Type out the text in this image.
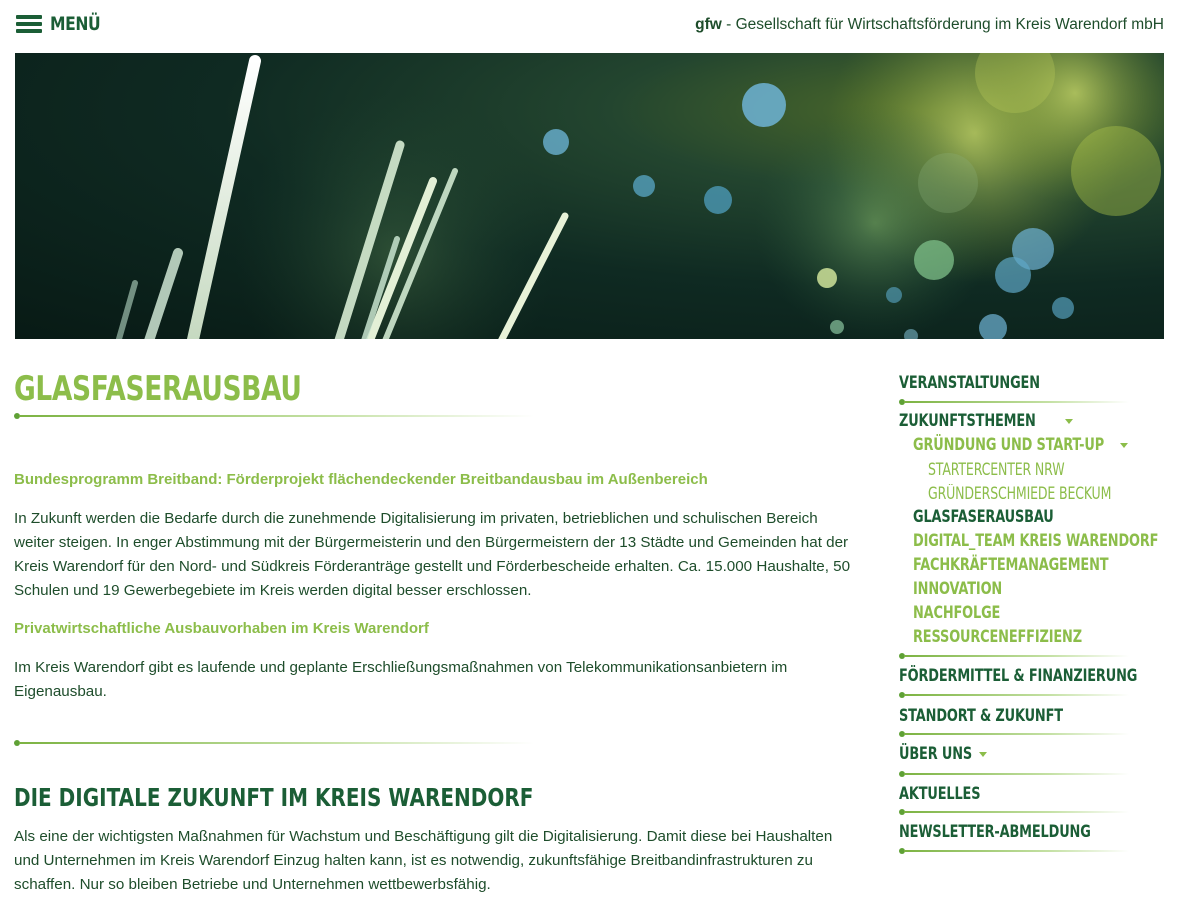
MENÜ	gfw - Gesellschaft für Wirtschaftsförderung im Kreis Warendorf mbH
GLASFASERAUSBAU
Bundesprogramm Breitband: Förderprojekt flächendeckender Breitbandausbau im Außenbereich
In Zukunft werden die Bedarfe durch die zunehmende Digitalisierung im privaten, betrieblichen und schulischen Bereich
weiter steigen. In enger Abstimmung mit der Bürgermeisterin und den Bürgermeistern der 13 Städte und Gemeinden hat der
Kreis Warendorf für den Nord- und Südkreis Förderanträge gestellt und Förderbescheide erhalten. Ca. 15.000 Haushalte, 50
Schulen und 19 Gewerbegebiete im Kreis werden digital besser erschlossen.
Privatwirtschaftliche Ausbauvorhaben im Kreis Warendorf
Im Kreis Warendorf gibt es laufende und geplante Erschließungsmaßnahmen von Telekommunikationsanbietern im
Eigenausbau.
DIE DIGITALE ZUKUNFT IM KREIS WARENDORF
Als eine der wichtigsten Maßnahmen für Wachstum und Beschäftigung gilt die Digitalisierung. Damit diese bei Haushalten
und Unternehmen im Kreis Warendorf Einzug halten kann, ist es notwendig, zukunftsfähige Breitbandinfrastrukturen zu
schaffen. Nur so bleiben Betriebe und Unternehmen wettbewerbsfähig.
VERANSTALTUNGEN
ZUKUNFTSTHEMEN
GRÜNDUNG UND START-UP
STARTERCENTER NRW
GRÜNDERSCHMIEDE BECKUM
GLASFASERAUSBAU
DIGITAL_TEAM KREIS WARENDORF
FACHKRÄFTEMANAGEMENT
INNOVATION
NACHFOLGE
RESSOURCENEFFIZIENZ
FÖRDERMITTEL & FINANZIERUNG
STANDORT & ZUKUNFT
ÜBER UNS
AKTUELLES
NEWSLETTER-ABMELDUNG
